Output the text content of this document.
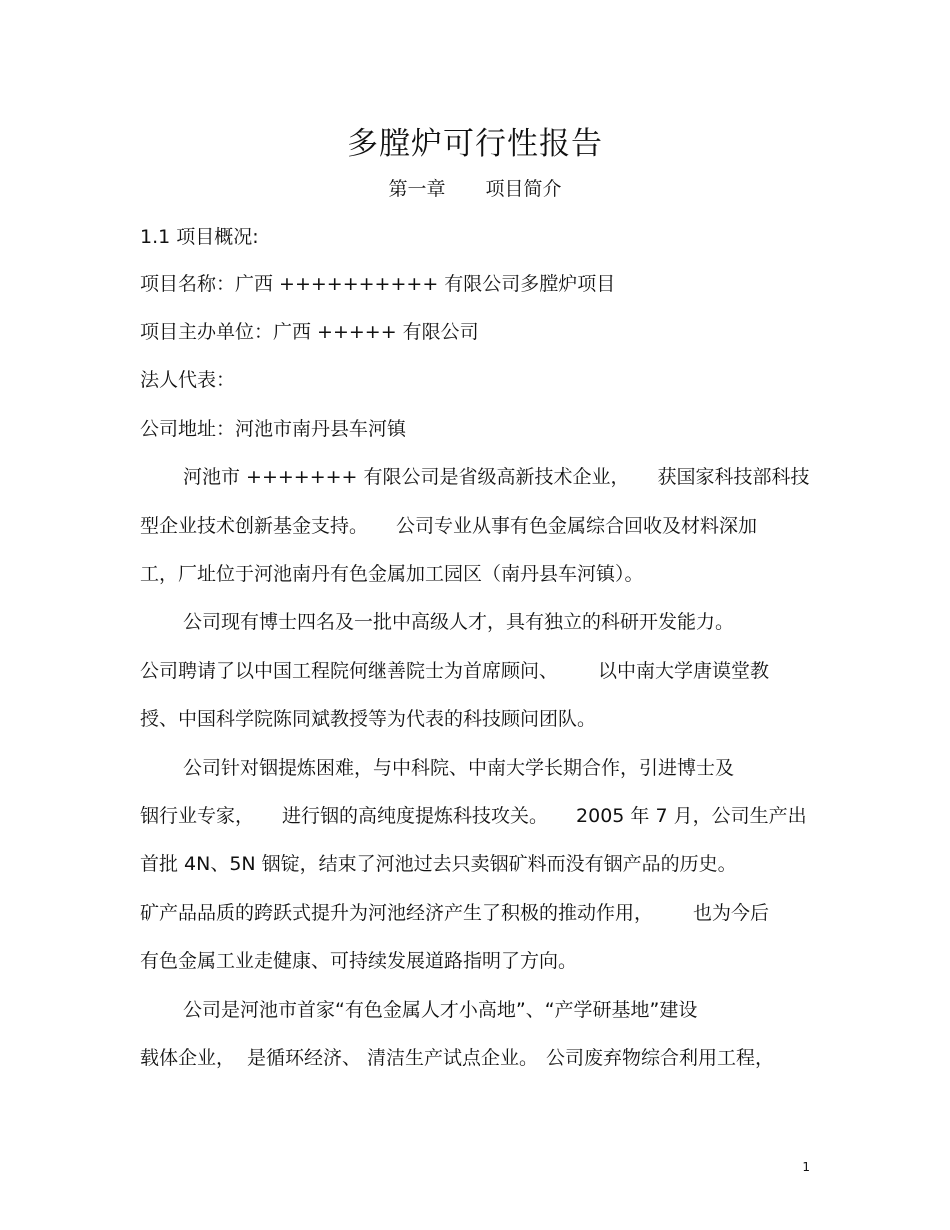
多膛炉可行性报告
第一章 项目简介
1.1 项目概况:
项目名称：广西 ++++++++++ 有限公司多膛炉项目
项目主办单位：广西 +++++ 有限公司
法人代表：
公司地址：河池市南丹县车河镇
河池市 +++++++ 有限公司是省级高新技术企业， 获国家科技部科技
型企业技术创新基金支持。 公司专业从事有色金属综合回收及材料深加
工，厂址位于河池南丹有色金属加工园区（南丹县车河镇）。
公司现有博士四名及一批中高级人才，具有独立的科研开发能力。
公司聘请了以中国工程院何继善院士为首席顾问、 以中南大学唐谟堂教
授、中国科学院陈同斌教授等为代表的科技顾问团队。
公司针对铟提炼困难，与中科院、中南大学长期合作，引进博士及
铟行业专家， 进行铟的高纯度提炼科技攻关。 2005 年 7 月，公司生产出
首批 4N、5N 铟锭，结束了河池过去只卖铟矿料而没有铟产品的历史。
矿产品品质的跨跃式提升为河池经济产生了积极的推动作用， 也为今后
有色金属工业走健康、可持续发展道路指明了方向。
公司是河池市首家“有色金属人才小高地”、“产学研基地”建设
载体企业， 是循环经济、 清洁生产试点企业。 公司废弃物综合利用工程，
1
